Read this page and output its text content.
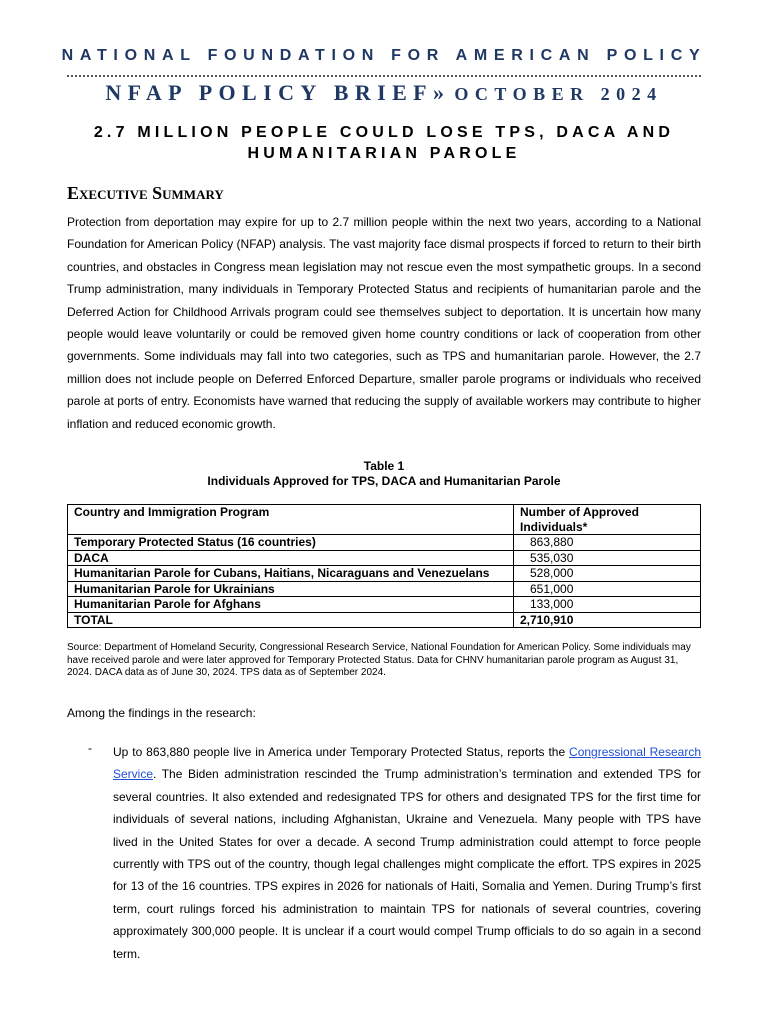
NATIONAL FOUNDATION FOR AMERICAN POLICY
NFAP POLICY BRIEF» OCTOBER 2024
2.7 MILLION PEOPLE COULD LOSE TPS, DACA AND
HUMANITARIAN PAROLE
Executive Summary
Protection from deportation may expire for up to 2.7 million people within the next two years, according to a National Foundation for American Policy (NFAP) analysis. The vast majority face dismal prospects if forced to return to their birth countries, and obstacles in Congress mean legislation may not rescue even the most sympathetic groups. In a second Trump administration, many individuals in Temporary Protected Status and recipients of humanitarian parole and the Deferred Action for Childhood Arrivals program could see themselves subject to deportation. It is uncertain how many people would leave voluntarily or could be removed given home country conditions or lack of cooperation from other governments. Some individuals may fall into two categories, such as TPS and humanitarian parole. However, the 2.7 million does not include people on Deferred Enforced Departure, smaller parole programs or individuals who received parole at ports of entry. Economists have warned that reducing the supply of available workers may contribute to higher inflation and reduced economic growth.
Table 1
Individuals Approved for TPS, DACA and Humanitarian Parole
Country and Immigration Program	Number of Approved Individuals*
Temporary Protected Status (16 countries)	863,880
DACA	535,030
Humanitarian Parole for Cubans, Haitians, Nicaraguans and Venezuelans	528,000
Humanitarian Parole for Ukrainians	651,000
Humanitarian Parole for Afghans	133,000
TOTAL	2,710,910
Source: Department of Homeland Security, Congressional Research Service, National Foundation for American Policy. Some individuals may have received parole and were later approved for Temporary Protected Status. Data for CHNV humanitarian parole program as August 31, 2024. DACA data as of June 30, 2024. TPS data as of September 2024.
Among the findings in the research:
- Up to 863,880 people live in America under Temporary Protected Status, reports the Congressional Research Service. The Biden administration rescinded the Trump administration’s termination and extended TPS for several countries. It also extended and redesignated TPS for others and designated TPS for the first time for individuals of several nations, including Afghanistan, Ukraine and Venezuela. Many people with TPS have lived in the United States for over a decade. A second Trump administration could attempt to force people currently with TPS out of the country, though legal challenges might complicate the effort. TPS expires in 2025 for 13 of the 16 countries. TPS expires in 2026 for nationals of Haiti, Somalia and Yemen. During Trump’s first term, court rulings forced his administration to maintain TPS for nationals of several countries, covering approximately 300,000 people. It is unclear if a court would compel Trump officials to do so again in a second term.
